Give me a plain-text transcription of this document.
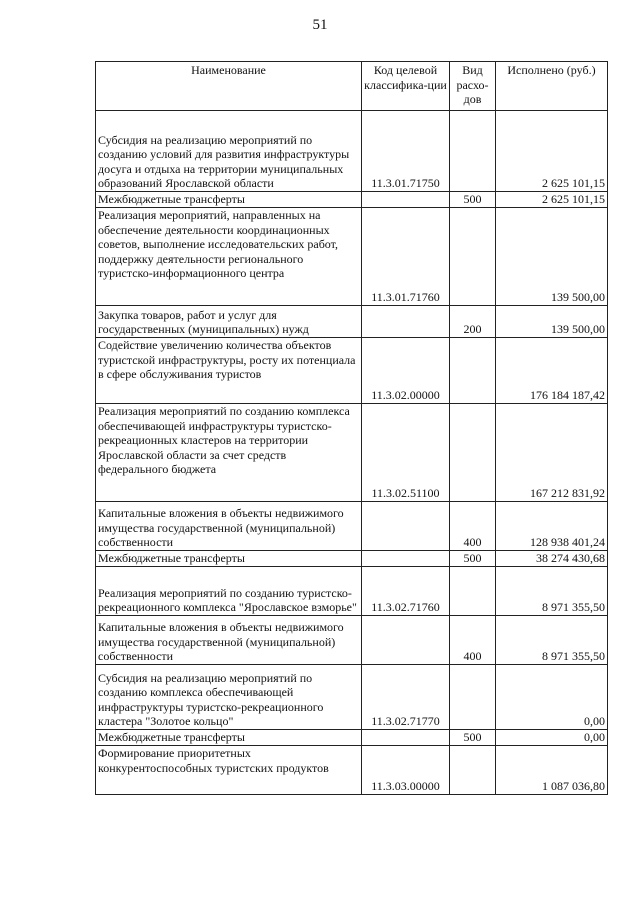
51
Наименование	Код целевой классифика-ции	Вид расхо-дов	Исполнено (руб.)
Субсидия на реализацию мероприятий по созданию условий для развития инфраструктуры досуга и отдыха на территории муниципальных образований Ярославской области	11.3.01.71750		2 625 101,15
Межбюджетные трансферты		500	2 625 101,15
Реализация мероприятий, направленных на обеспечение деятельности координационных советов, выполнение исследовательских работ, поддержку деятельности регионального туристско-информационного центра	11.3.01.71760		139 500,00
Закупка товаров, работ и услуг для государственных (муниципальных) нужд		200	139 500,00
Содействие увеличению количества объектов туристской инфраструктуры, росту их потенциала в сфере обслуживания туристов	11.3.02.00000		176 184 187,42
Реализация мероприятий по созданию комплекса обеспечивающей инфраструктуры туристско-рекреационных кластеров на территории Ярославской области за счет средств федерального бюджета	11.3.02.51100		167 212 831,92
Капитальные вложения в объекты недвижимого имущества государственной (муниципальной) собственности		400	128 938 401,24
Межбюджетные трансферты		500	38 274 430,68
Реализация мероприятий по созданию туристско-рекреационного комплекса "Ярославское взморье"	11.3.02.71760		8 971 355,50
Капитальные вложения в объекты недвижимого имущества государственной (муниципальной) собственности		400	8 971 355,50
Субсидия на реализацию мероприятий по созданию комплекса обеспечивающей инфраструктуры туристско-рекреационного кластера "Золотое кольцо"	11.3.02.71770		0,00
Межбюджетные трансферты		500	0,00
Формирование приоритетных конкурентоспособных туристских продуктов	11.3.03.00000		1 087 036,80
